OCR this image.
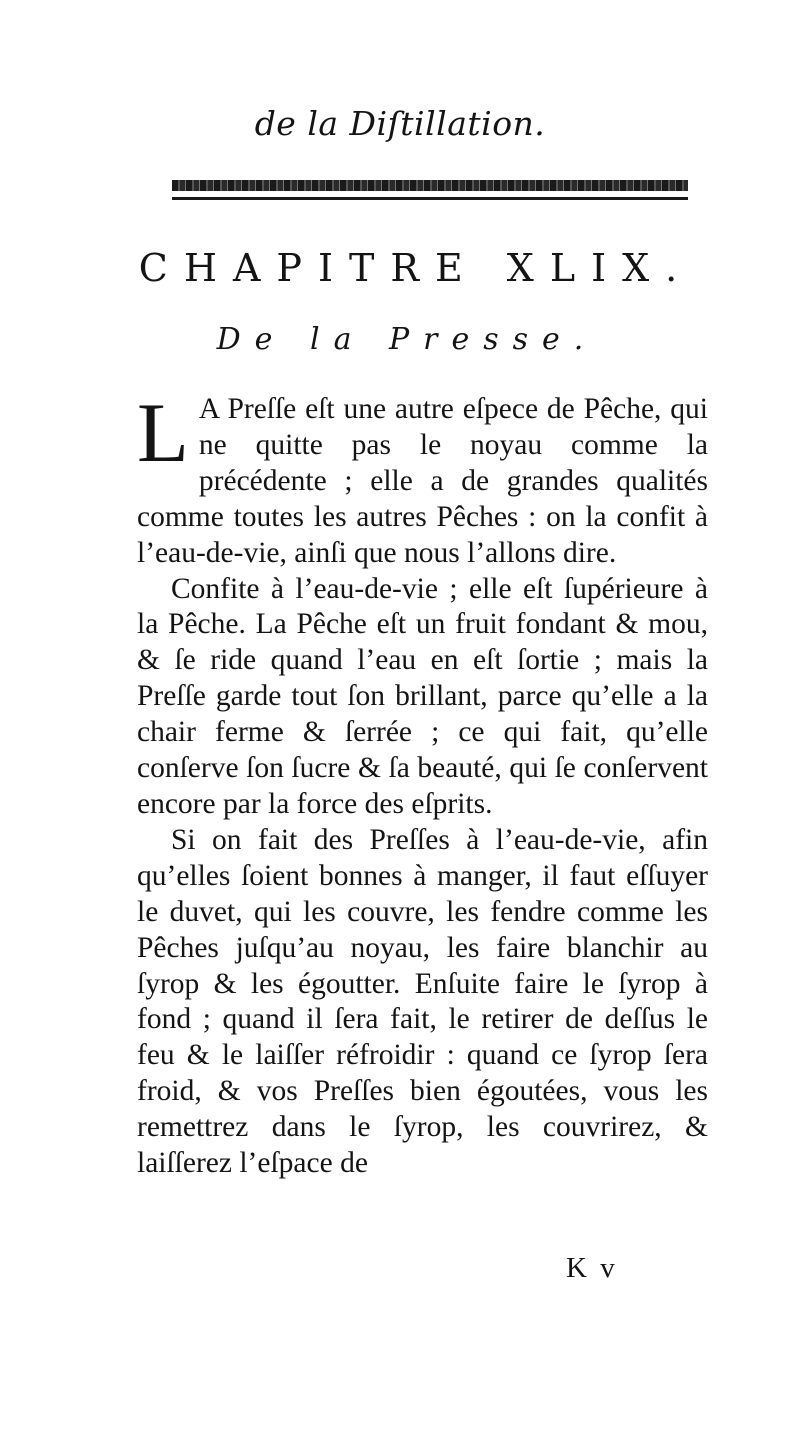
de la Diſtillation.
CHAPITRE XLIX.
De la Presse.

L A Preſſe eſt une autre eſpece de Pêche, qui ne quitte pas le noyau comme la précédente ; elle a de grandes qualités comme toutes les autres Pêches : on la confit à l’eau-de-vie, ainſi que nous l’allons dire.

Confite à l’eau-de-vie ; elle eſt ſupérieure à la Pêche. La Pêche eſt un fruit fondant & mou, & ſe ride quand l’eau en eſt ſortie ; mais la Preſſe garde tout ſon brillant, parce qu’elle a la chair ferme & ſerrée ; ce qui fait, qu’elle conſerve ſon ſucre & ſa beauté, qui ſe conſervent encore par la force des eſprits.

Si on fait des Preſſes à l’eau-de-vie, afin qu’elles ſoient bonnes à manger, il faut eſſuyer le duvet, qui les couvre, les fendre comme les Pêches juſqu’au noyau, les faire blanchir au ſyrop & les égoutter. Enſuite faire le ſyrop à fond ; quand il ſera fait, le retirer de deſſus le feu & le laiſſer réfroidir : quand ce ſyrop ſera froid, & vos Preſſes bien égoutées, vous les remettrez dans le ſyrop, les couvrirez, & laiſſerez l’eſpace de

K v
